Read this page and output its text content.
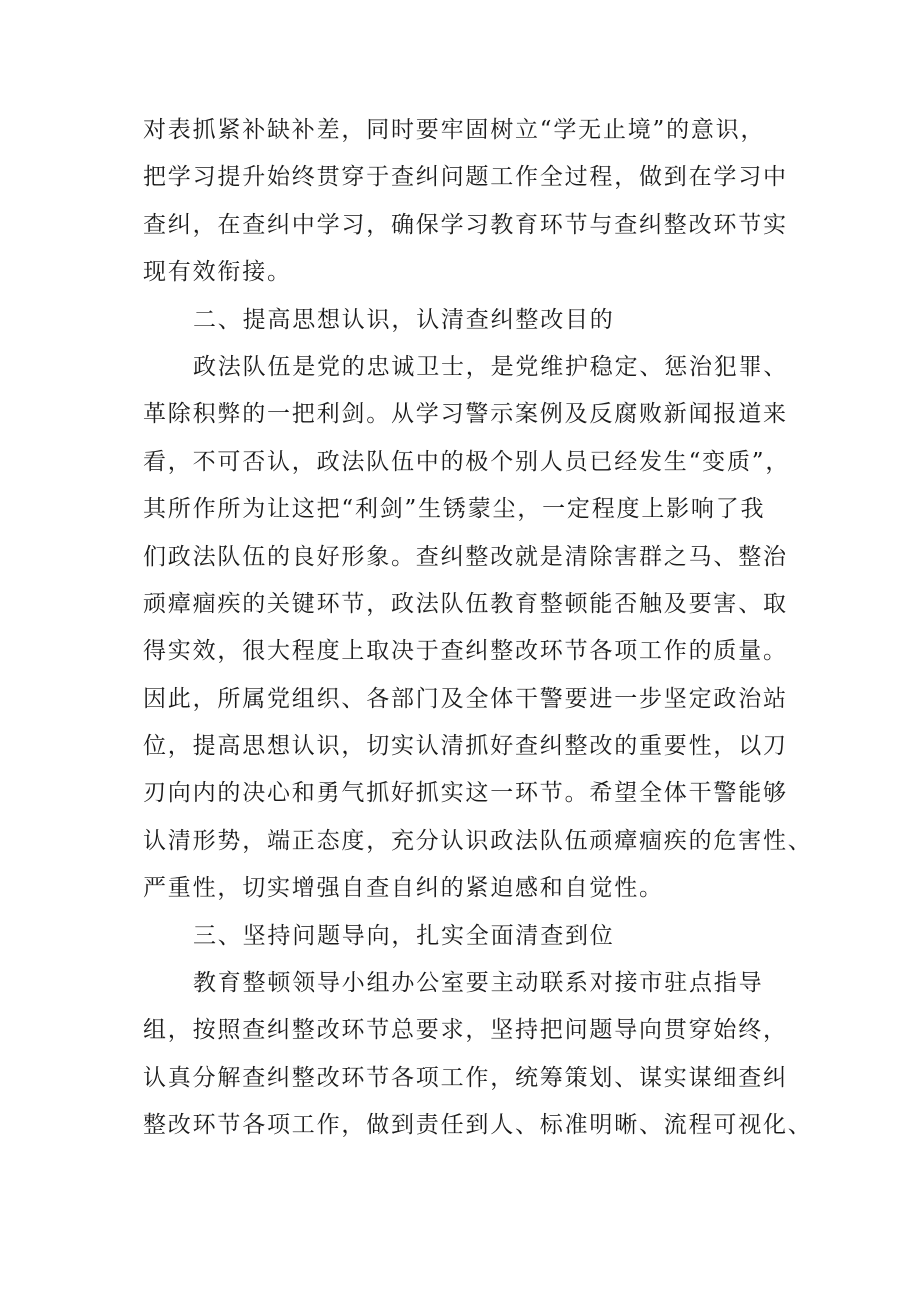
对表抓紧补缺补差，同时要牢固树立“学无止境”的意识，
把学习提升始终贯穿于查纠问题工作全过程，做到在学习中
查纠，在查纠中学习，确保学习教育环节与查纠整改环节实
现有效衔接。
二、提高思想认识，认清查纠整改目的
政法队伍是党的忠诚卫士，是党维护稳定、惩治犯罪、
革除积弊的一把利剑。从学习警示案例及反腐败新闻报道来
看，不可否认，政法队伍中的极个别人员已经发生“变质”，
其所作所为让这把“利剑”生锈蒙尘，一定程度上影响了我
们政法队伍的良好形象。查纠整改就是清除害群之马、整治
顽瘴痼疾的关键环节，政法队伍教育整顿能否触及要害、取
得实效，很大程度上取决于查纠整改环节各项工作的质量。
因此，所属党组织、各部门及全体干警要进一步坚定政治站
位，提高思想认识，切实认清抓好查纠整改的重要性，以刀
刃向内的决心和勇气抓好抓实这一环节。希望全体干警能够
认清形势，端正态度，充分认识政法队伍顽瘴痼疾的危害性、
严重性，切实增强自查自纠的紧迫感和自觉性。
三、坚持问题导向，扎实全面清查到位
教育整顿领导小组办公室要主动联系对接市驻点指导
组，按照查纠整改环节总要求，坚持把问题导向贯穿始终，
认真分解查纠整改环节各项工作，统筹策划、谋实谋细查纠
整改环节各项工作，做到责任到人、标准明晰、流程可视化、
